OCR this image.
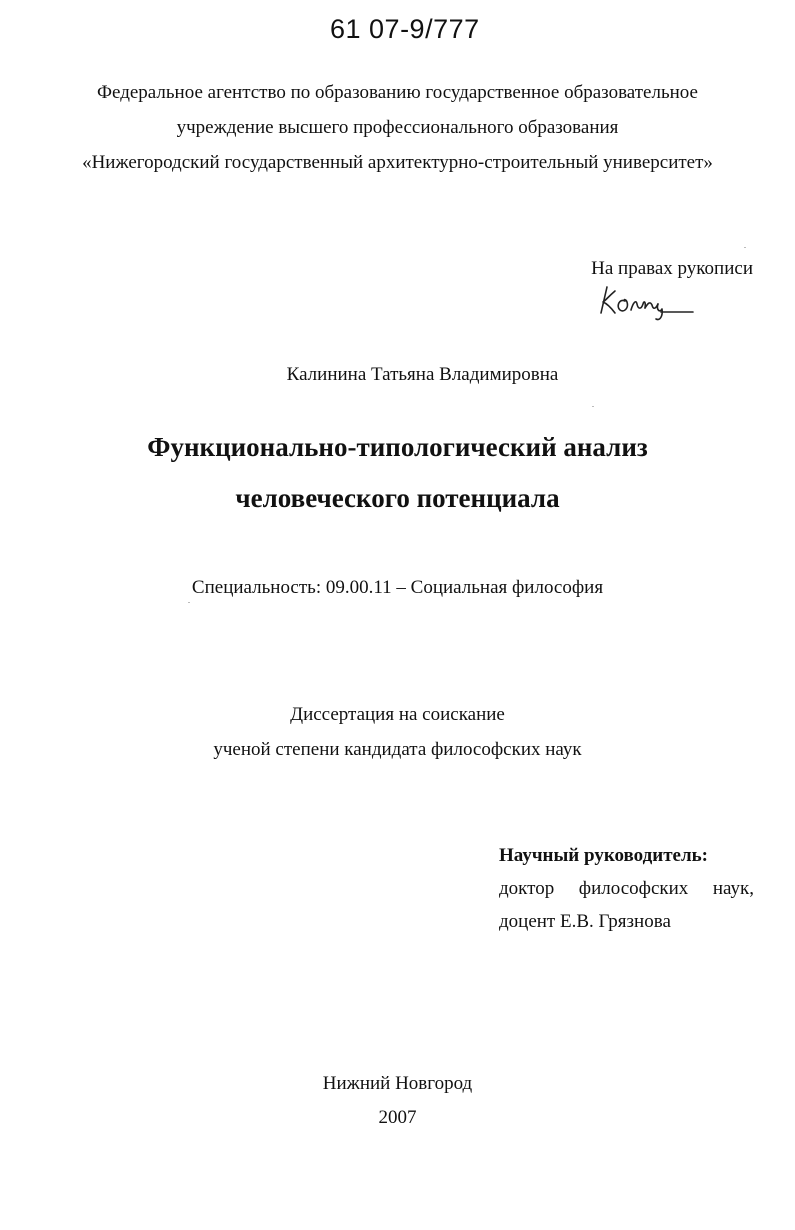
61 07-9/777
Федеральное агентство по образованию государственное образовательное
учреждение высшего профессионального образования
«Нижегородский государственный архитектурно-строительный университет»
На правах рукописи
Калинина Татьяна Владимировна
Функционально-типологический анализ
человеческого потенциала
Специальность: 09.00.11 – Социальная философия
Диссертация на соискание
ученой степени кандидата философских наук
Научный руководитель:
доктор философских наук,
доцент Е.В. Грязнова
Нижний Новгород
2007
